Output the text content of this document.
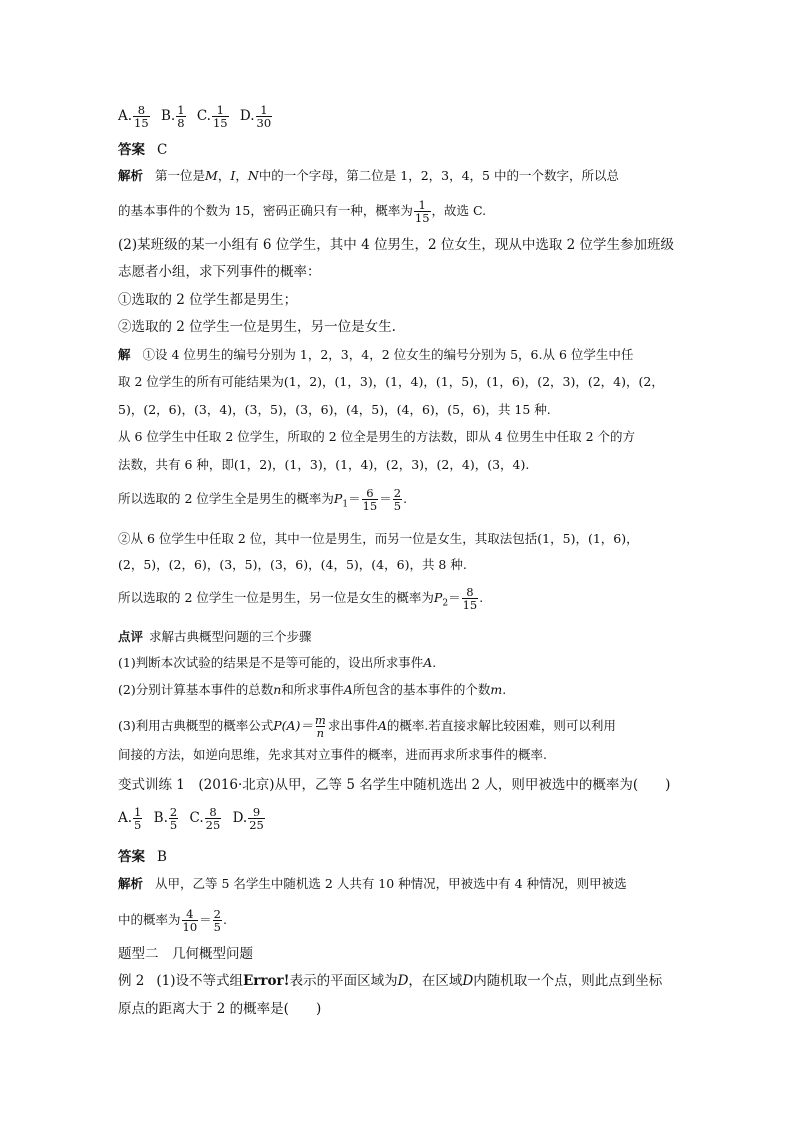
A. $\frac{8}{15} B$. $\frac{1}{8} C$. $\frac{1}{15} D$. $\frac{1}{30}$
答案 C
解析 第一位是M，I，N中的一个字母，第二位是 1，2，3，4，5 中的一个数字，所以总
的基本事件的个数为 15，密码正确只有一种，概率为 $\frac{1}{15}$ ，故选 C.
(2)某班级的某一小组有 6 位学生，其中 4 位男生，2 位女生，现从中选取 2 位学生参加班级
志愿者小组，求下列事件的概率：
①选取的 2 位学生都是男生；
②选取的 2 位学生一位是男生，另一位是女生.
解 ①设 4 位男生的编号分别为 1，2，3，4，2 位女生的编号分别为 5，6.从 6 位学生中任
取 2 位学生的所有可能结果为(1，2)，(1，3)，(1，4)，(1，5)，(1，6)，(2，3)，(2，4)，(2，
5)，(2，6)，(3，4)，(3，5)，(3，6)，(4，5)，(4，6)，(5，6)，共 15 种.
从 6 位学生中任取 2 位学生，所取的 2 位全是男生的方法数，即从 4 位男生中任取 2 个的方
法数，共有 6 种，即(1，2)，(1，3)，(1，4)，(2，3)，(2，4)，(3，4).
所以选取的 2 位学生全是男生的概率为$P_1= \frac{6}{15} = \frac{2}{5}$ .
②从 6 位学生中任取 2 位，其中一位是男生，而另一位是女生，其取法包括(1，5)，(1，6)，
(2，5)，(2，6)，(3，5)，(3，6)，(4，5)，(4，6)，共 8 种.
所以选取的 2 位学生一位是男生，另一位是女生的概率为$P_2= \frac{8}{15}$ .
点评 求解古典概型问题的三个步骤
(1)判断本次试验的结果是不是等可能的，设出所求事件A.
(2)分别计算基本事件的总数n和所求事件A所包含的基本事件的个数m.
(3)利用古典概型的概率公式$P(A)= \frac{m}{n}$ 求出事件A的概率.若直接求解比较困难，则可以利用
间接的方法，如逆向思维，先求其对立事件的概率，进而再求所求事件的概率.
变式训练 1　(2016·北京)从甲，乙等 5 名学生中随机选出 2 人，则甲被选中的概率为(　　)
A. $\frac{1}{5} B$. $\frac{2}{5} C$. $\frac{8}{25} D$. $\frac{9}{25}$
答案 B
解析 从甲，乙等 5 名学生中随机选 2 人共有 10 种情况，甲被选中有 4 种情况，则甲被选
中的概率为 $\frac{4}{10} = \frac{2}{5}$ .
题型二　几何概型问题
例 2 (1)设不等式组Error!表示的平面区域为D，在区域D内随机取一个点，则此点到坐标
原点的距离大于 2 的概率是(　　)
